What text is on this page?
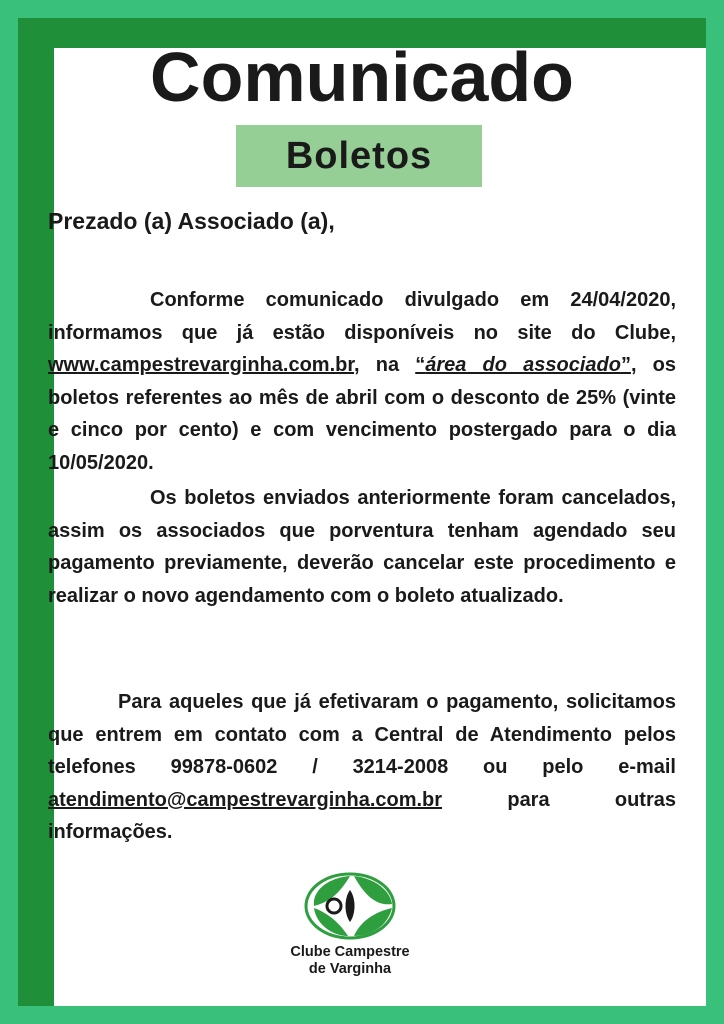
Comunicado
Boletos
Prezado (a) Associado (a),

Conforme comunicado divulgado em 24/04/2020, informamos que já estão disponíveis no site do Clube, www.campestrevarginha.com.br, na “área do associado”, os boletos referentes ao mês de abril com o desconto de 25% (vinte e cinco por cento) e com vencimento postergado para o dia 10/05/2020.

Os boletos enviados anteriormente foram cancelados, assim os associados que porventura tenham agendado seu pagamento previamente, deverão cancelar este procedimento e realizar o novo agendamento com o boleto atualizado.

Para aqueles que já efetivaram o pagamento, solicitamos que entrem em contato com a Central de Atendimento pelos telefones 99878-0602 / 3214-2008 ou pelo e-mail atendimento@campestrevarginha.com.br para outras informações.

Clube Campestre
de Varginha
